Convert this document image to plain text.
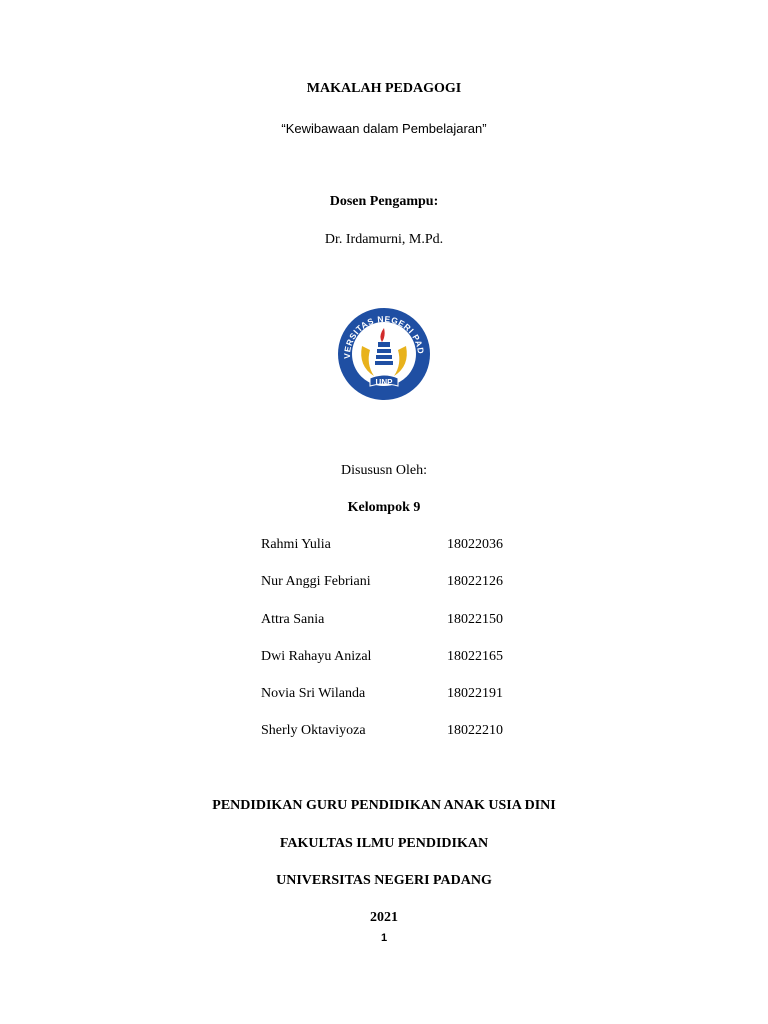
MAKALAH PEDAGOGI
“Kewibawaan dalam Pembelajaran”
Dosen Pengampu:
Dr. Irdamurni, M.Pd.
VERSITAS NEGERI PAD
UNP
Disususn Oleh:
Kelompok 9
Rahmi Yulia	18022036
Nur Anggi Febriani	18022126
Attra Sania	18022150
Dwi Rahayu Anizal	18022165
Novia Sri Wilanda	18022191
Sherly Oktaviyoza	18022210
PENDIDIKAN GURU PENDIDIKAN ANAK USIA DINI
FAKULTAS ILMU PENDIDIKAN
UNIVERSITAS NEGERI PADANG
2021
1
